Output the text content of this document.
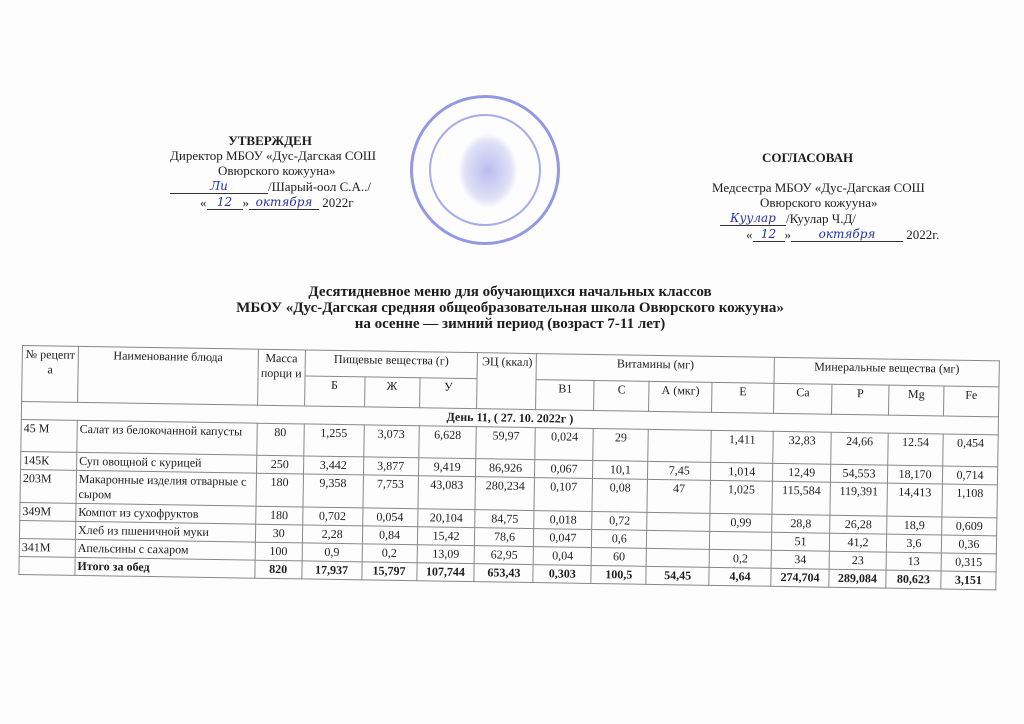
УТВЕРЖДЕН
Директор МБОУ «Дус-Дагская СОШ
Овюрского кожууна»
Ли	/Шарый-оол С.А../
« 12 » октября 2022г
СОГЛАСОВАН
Медсестра МБОУ «Дус-Дагская СОШ
Овюрского кожууна»
Куулар /Куулар Ч.Д/
« 12 » октября 2022г.
Десятидневное меню для обучающихся начальных классов
МБОУ «Дус-Дагская средняя общеобразовательная школа Овюрского кожууна»
на осенне — зимний период (возраст 7-11 лет)
№ рецепт а	Наименование блюда	Масса порци и	Пищевые вещества (г)			ЭЦ (ккал)	Витамины (мг)				Минеральные вещества (мг)			
			Б	Ж	У		B1	C	А (мкг)	E	Ca	P	Mg	Fe
День 11, ( 27. 10. 2022г )														
45 М	Салат из белокочанной капусты	80	1,255	3,073	6,628	59,97	0,024	29		1,411	32,83	24,66	12.54	0,454
145К	Суп овощной с курицей	250	3,442	3,877	9,419	86,926	0,067	10,1	7,45	1,014	12,49	54,553	18,170	0,714
203М	Макаронные изделия отварные с сыром	180	9,358	7,753	43,083	280,234	0,107	0,08	47	1,025	115,584	119,391	14,413	1,108
349М	Компот из сухофруктов	180	0,702	0,054	20,104	84,75	0,018	0,72		0,99	28,8	26,28	18,9	0,609
	Хлеб из пшеничной муки	30	2,28	0,84	15,42	78,6	0,047	0,6			51	41,2	3,6	0,36
341М	Апельсины с сахаром	100	0,9	0,2	13,09	62,95	0,04	60		0,2	34	23	13	0,315
	Итого за обед	820	17,937	15,797	107,744	653,43	0,303	100,5	54,45	4,64	274,704	289,084	80,623	3,151
